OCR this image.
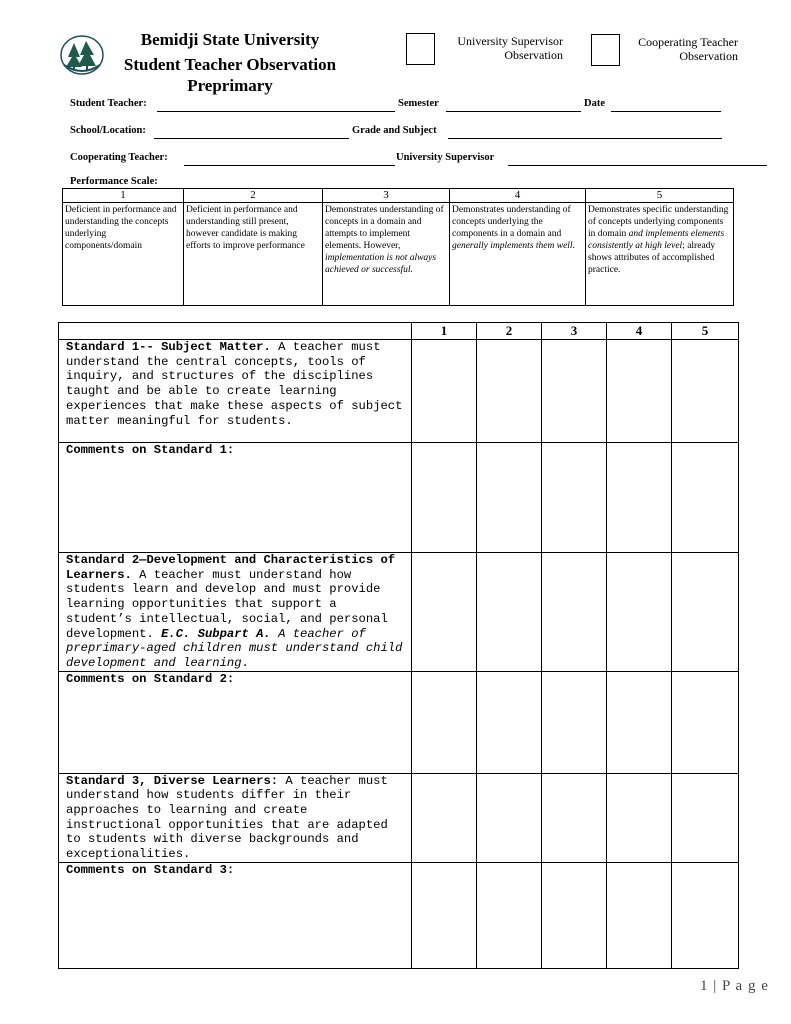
Bemidji State University
Student Teacher Observation
Preprimary
University Supervisor
Observation
Cooperating Teacher
Observation
Student Teacher:	Semester	Date
School/Location:	Grade and Subject
Cooperating Teacher:	University Supervisor
Performance Scale:
1	2	3	4	5
Deficient in performance and understanding the concepts underlying components/domain	Deficient in performance and understanding still present, however candidate is making efforts to improve performance	Demonstrates understanding of concepts in a domain and attempts to implement elements. However, implementation is not always achieved or successful.	Demonstrates understanding of concepts underlying the components in a domain and generally implements them well.	Demonstrates specific understanding of concepts underlying components in domain and implements elements consistently at high level; already shows attributes of accomplished practice.
	1	2	3	4	5
Standard 1-- Subject Matter. A teacher must understand the central concepts, tools of inquiry, and structures of the disciplines taught and be able to create learning experiences that make these aspects of subject matter meaningful for students.					
Comments on Standard 1:					
Standard 2—Development and Characteristics of Learners. A teacher must understand how students learn and develop and must provide learning opportunities that support a student’s intellectual, social, and personal development. E.C. Subpart A. A teacher of preprimary-aged children must understand child development and learning.					
Comments on Standard 2:					
Standard 3, Diverse Learners: A teacher must understand how students differ in their approaches to learning and create instructional opportunities that are adapted to students with diverse backgrounds and exceptionalities.					
Comments on Standard 3:					
1 | P a g e
